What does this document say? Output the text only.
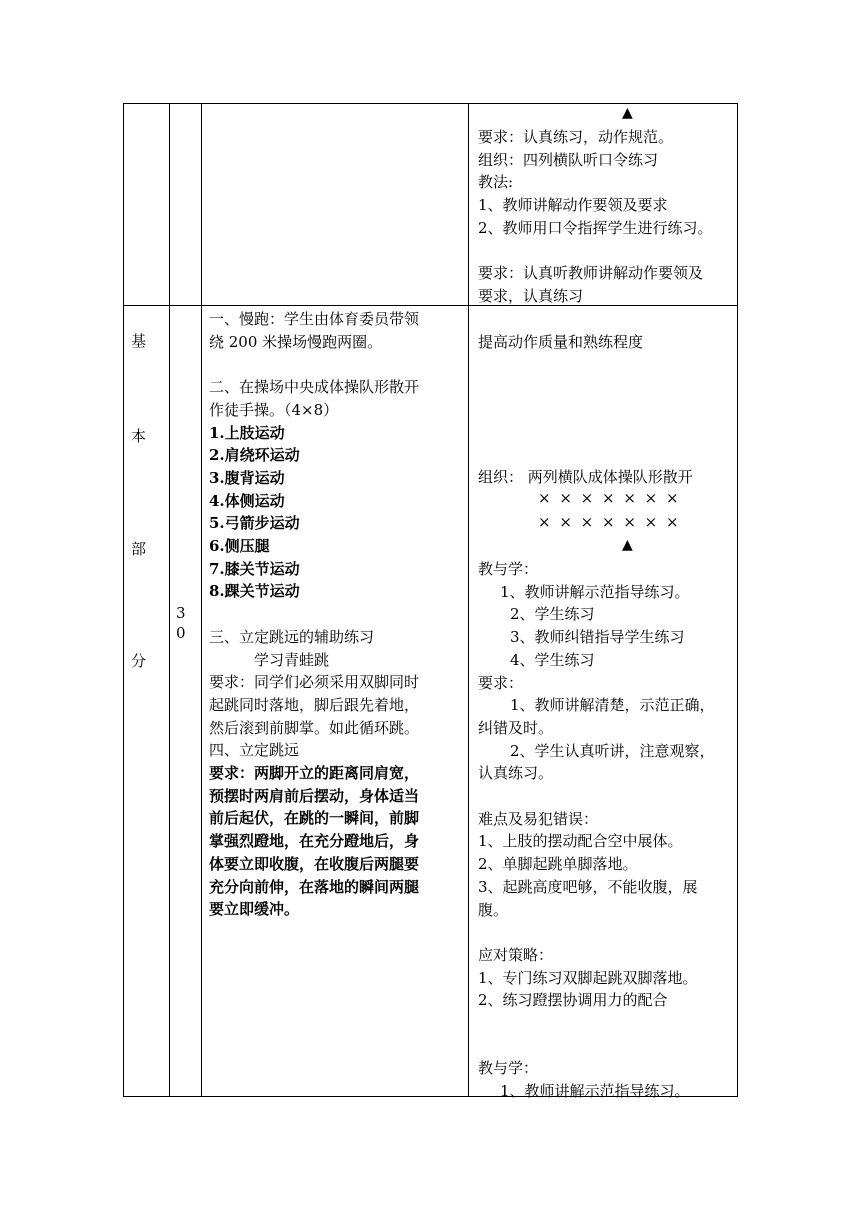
▲
要求：认真练习，动作规范。
组织：四列横队听口令练习
教法:
1、教师讲解动作要领及要求
2、教师用口令指挥学生进行练习。
要求：认真听教师讲解动作要领及
要求，认真练习
基
本
部
分
3
0
一、慢跑：学生由体育委员带领
绕 200 米操场慢跑两圈。
二、在操场中央成体操队形散开
作徒手操。（4×8）
1.上肢运动
2.肩绕环运动
3.腹背运动
4.体侧运动
5.弓箭步运动
6.侧压腿
7.膝关节运动
8.踝关节运动
三、立定跳远的辅助练习
学习青蛙跳
要求：同学们必须采用双脚同时
起跳同时落地，脚后跟先着地，
然后滚到前脚掌。如此循环跳。
四、立定跳远
要求：两脚开立的距离同肩宽，
预摆时两肩前后摆动，身体适当
前后起伏，在跳的一瞬间，前脚
掌强烈蹬地，在充分蹬地后，身
体要立即收腹，在收腹后两腿要
充分向前伸，在落地的瞬间两腿
要立即缓冲。
提高动作质量和熟练程度
组织： 两列横队成体操队形散开
× × × × × × ×
× × × × × × ×
▲
教与学：
1、教师讲解示范指导练习。
2、学生练习
3、教师纠错指导学生练习
4、学生练习
要求：
1、教师讲解清楚，示范正确，
纠错及时。
2、学生认真听讲，注意观察，
认真练习。
难点及易犯错误：
1、上肢的摆动配合空中展体。
2、单脚起跳单脚落地。
3、起跳高度吧够，不能收腹，展
腹。
应对策略：
1、专门练习双脚起跳双脚落地。
2、练习蹬摆协调用力的配合
教与学：
1、教师讲解示范指导练习。
